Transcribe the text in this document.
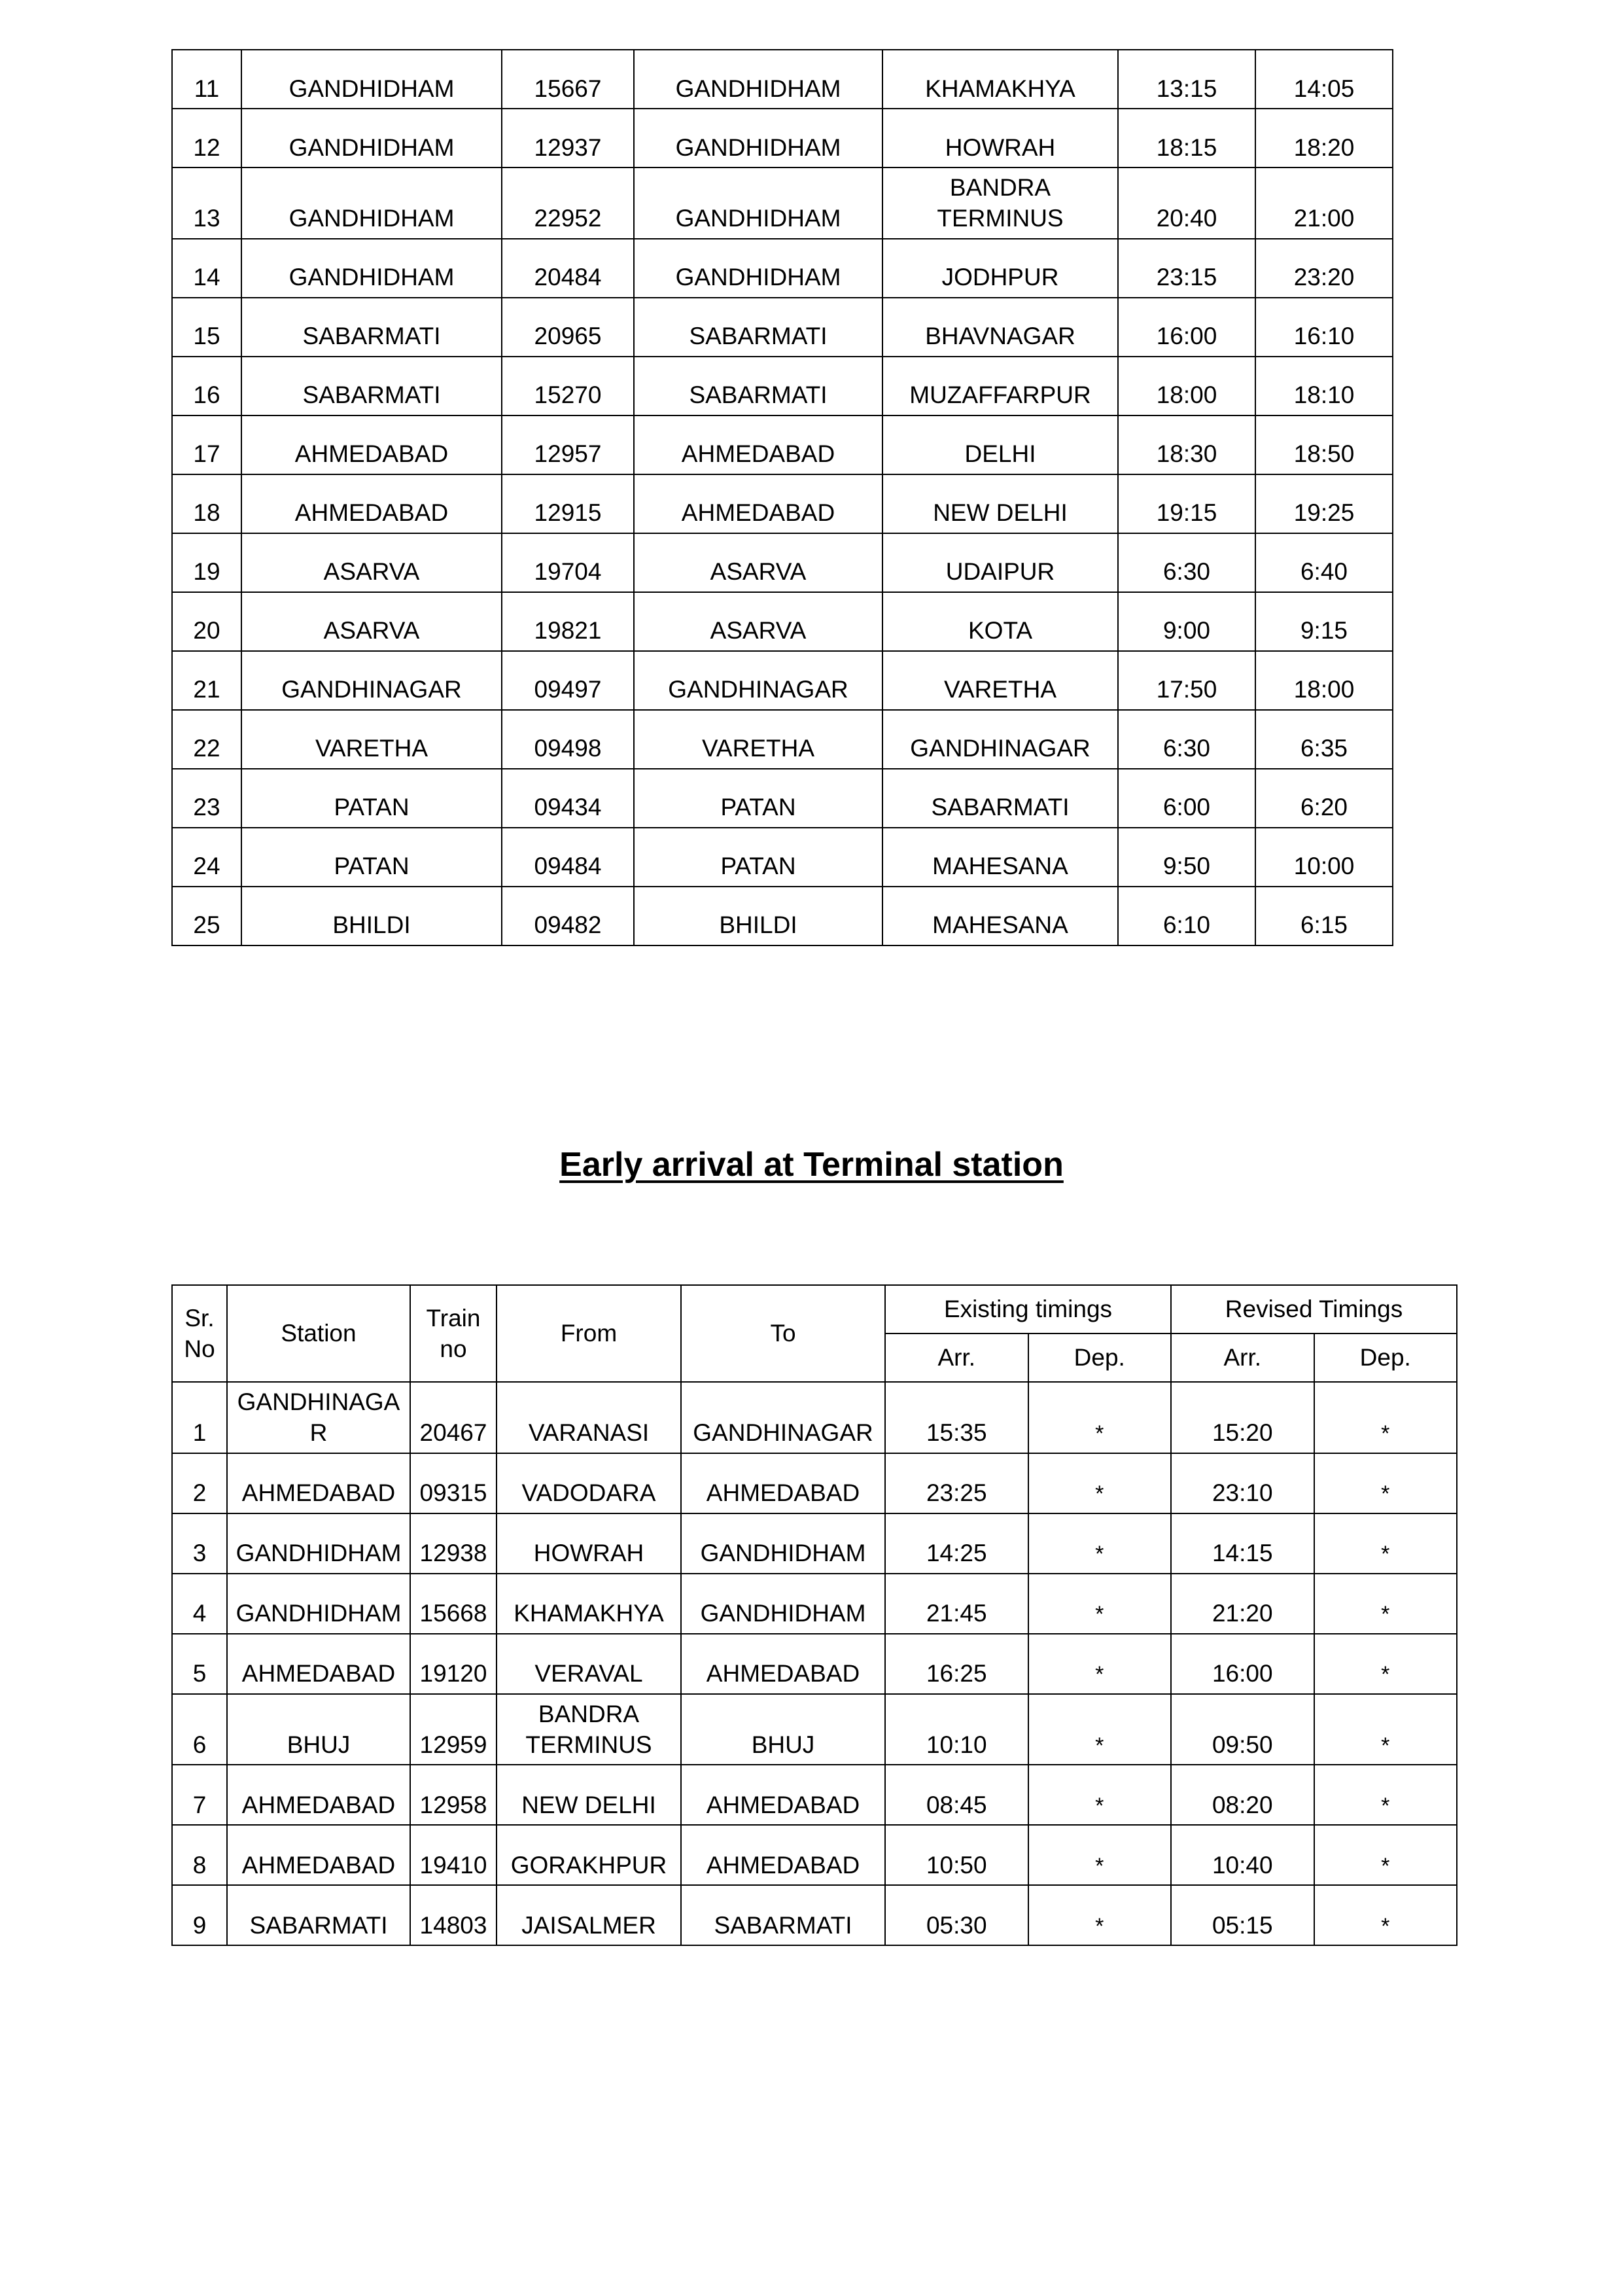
11	GANDHIDHAM	15667	GANDHIDHAM	KHAMAKHYA	13:15	14:05
12	GANDHIDHAM	12937	GANDHIDHAM	HOWRAH	18:15	18:20
13	GANDHIDHAM	22952	GANDHIDHAM	BANDRA TERMINUS	20:40	21:00
14	GANDHIDHAM	20484	GANDHIDHAM	JODHPUR	23:15	23:20
15	SABARMATI	20965	SABARMATI	BHAVNAGAR	16:00	16:10
16	SABARMATI	15270	SABARMATI	MUZAFFARPUR	18:00	18:10
17	AHMEDABAD	12957	AHMEDABAD	DELHI	18:30	18:50
18	AHMEDABAD	12915	AHMEDABAD	NEW DELHI	19:15	19:25
19	ASARVA	19704	ASARVA	UDAIPUR	6:30	6:40
20	ASARVA	19821	ASARVA	KOTA	9:00	9:15
21	GANDHINAGAR	09497	GANDHINAGAR	VARETHA	17:50	18:00
22	VARETHA	09498	VARETHA	GANDHINAGAR	6:30	6:35
23	PATAN	09434	PATAN	SABARMATI	6:00	6:20
24	PATAN	09484	PATAN	MAHESANA	9:50	10:00
25	BHILDI	09482	BHILDI	MAHESANA	6:10	6:15
Early arrival at Terminal station
Sr. No	Station	Train no	From	To	Existing timings		Revised Timings	
					Arr.	Dep.	Arr.	Dep.
1	GANDHINAGAR	20467	VARANASI	GANDHINAGAR	15:35	*	15:20	*
2	AHMEDABAD	09315	VADODARA	AHMEDABAD	23:25	*	23:10	*
3	GANDHIDHAM	12938	HOWRAH	GANDHIDHAM	14:25	*	14:15	*
4	GANDHIDHAM	15668	KHAMAKHYA	GANDHIDHAM	21:45	*	21:20	*
5	AHMEDABAD	19120	VERAVAL	AHMEDABAD	16:25	*	16:00	*
6	BHUJ	12959	BANDRA TERMINUS	BHUJ	10:10	*	09:50	*
7	AHMEDABAD	12958	NEW DELHI	AHMEDABAD	08:45	*	08:20	*
8	AHMEDABAD	19410	GORAKHPUR	AHMEDABAD	10:50	*	10:40	*
9	SABARMATI	14803	JAISALMER	SABARMATI	05:30	*	05:15	*
